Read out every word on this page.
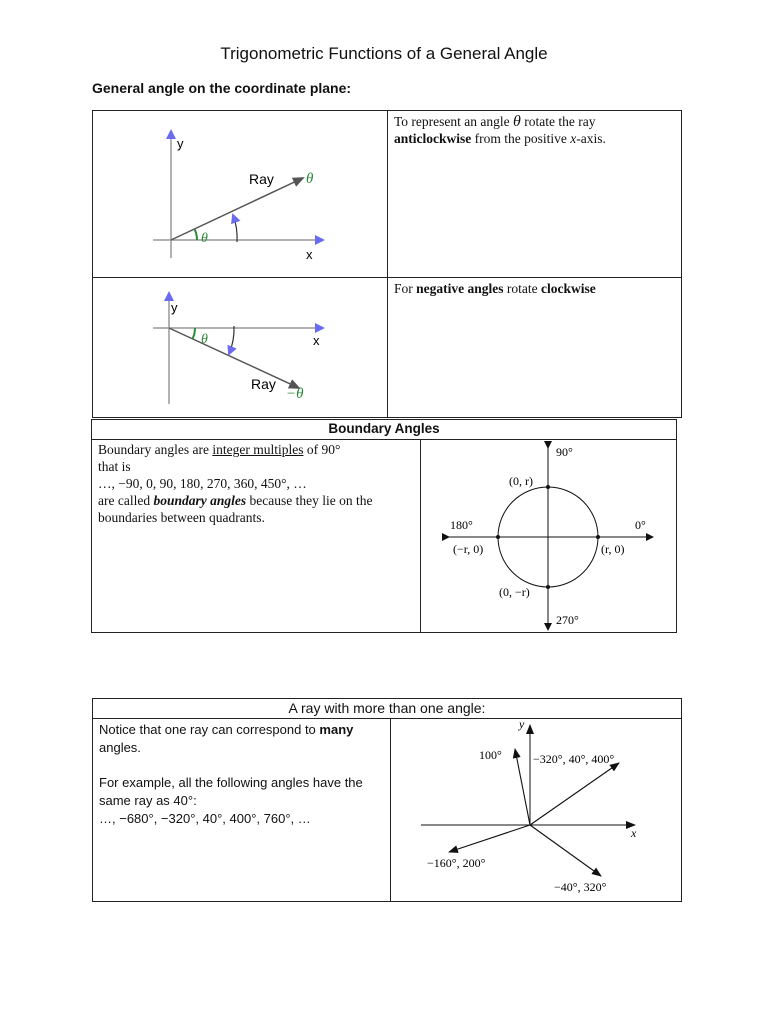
Trigonometric Functions of a General Angle
General angle on the coordinate plane:
To represent an angle θ rotate the ray
anticlockwise from the positive x-axis.
For negative angles rotate clockwise
y
x
Ray θ
θ
y
x
Ray
−θ
θ
Boundary Angles
Boundary angles are integer multiples of 90°
that is
…, −90, 0, 90, 180, 270, 360, 450°, …
are called boundary angles because they lie on the
boundaries between quadrants.
90°
0°
180°
270°
(0, r)
(−r, 0)	(r, 0)
(0, −r)
A ray with more than one angle:
Notice that one ray can correspond to many angles.
For example, all the following angles have the same ray as 40°:
…, −680°, −320°, 40°, 400°, 760°, …
y
x
100°	−320°, 40°, 400°
−160°, 200°
−40°, 320°
